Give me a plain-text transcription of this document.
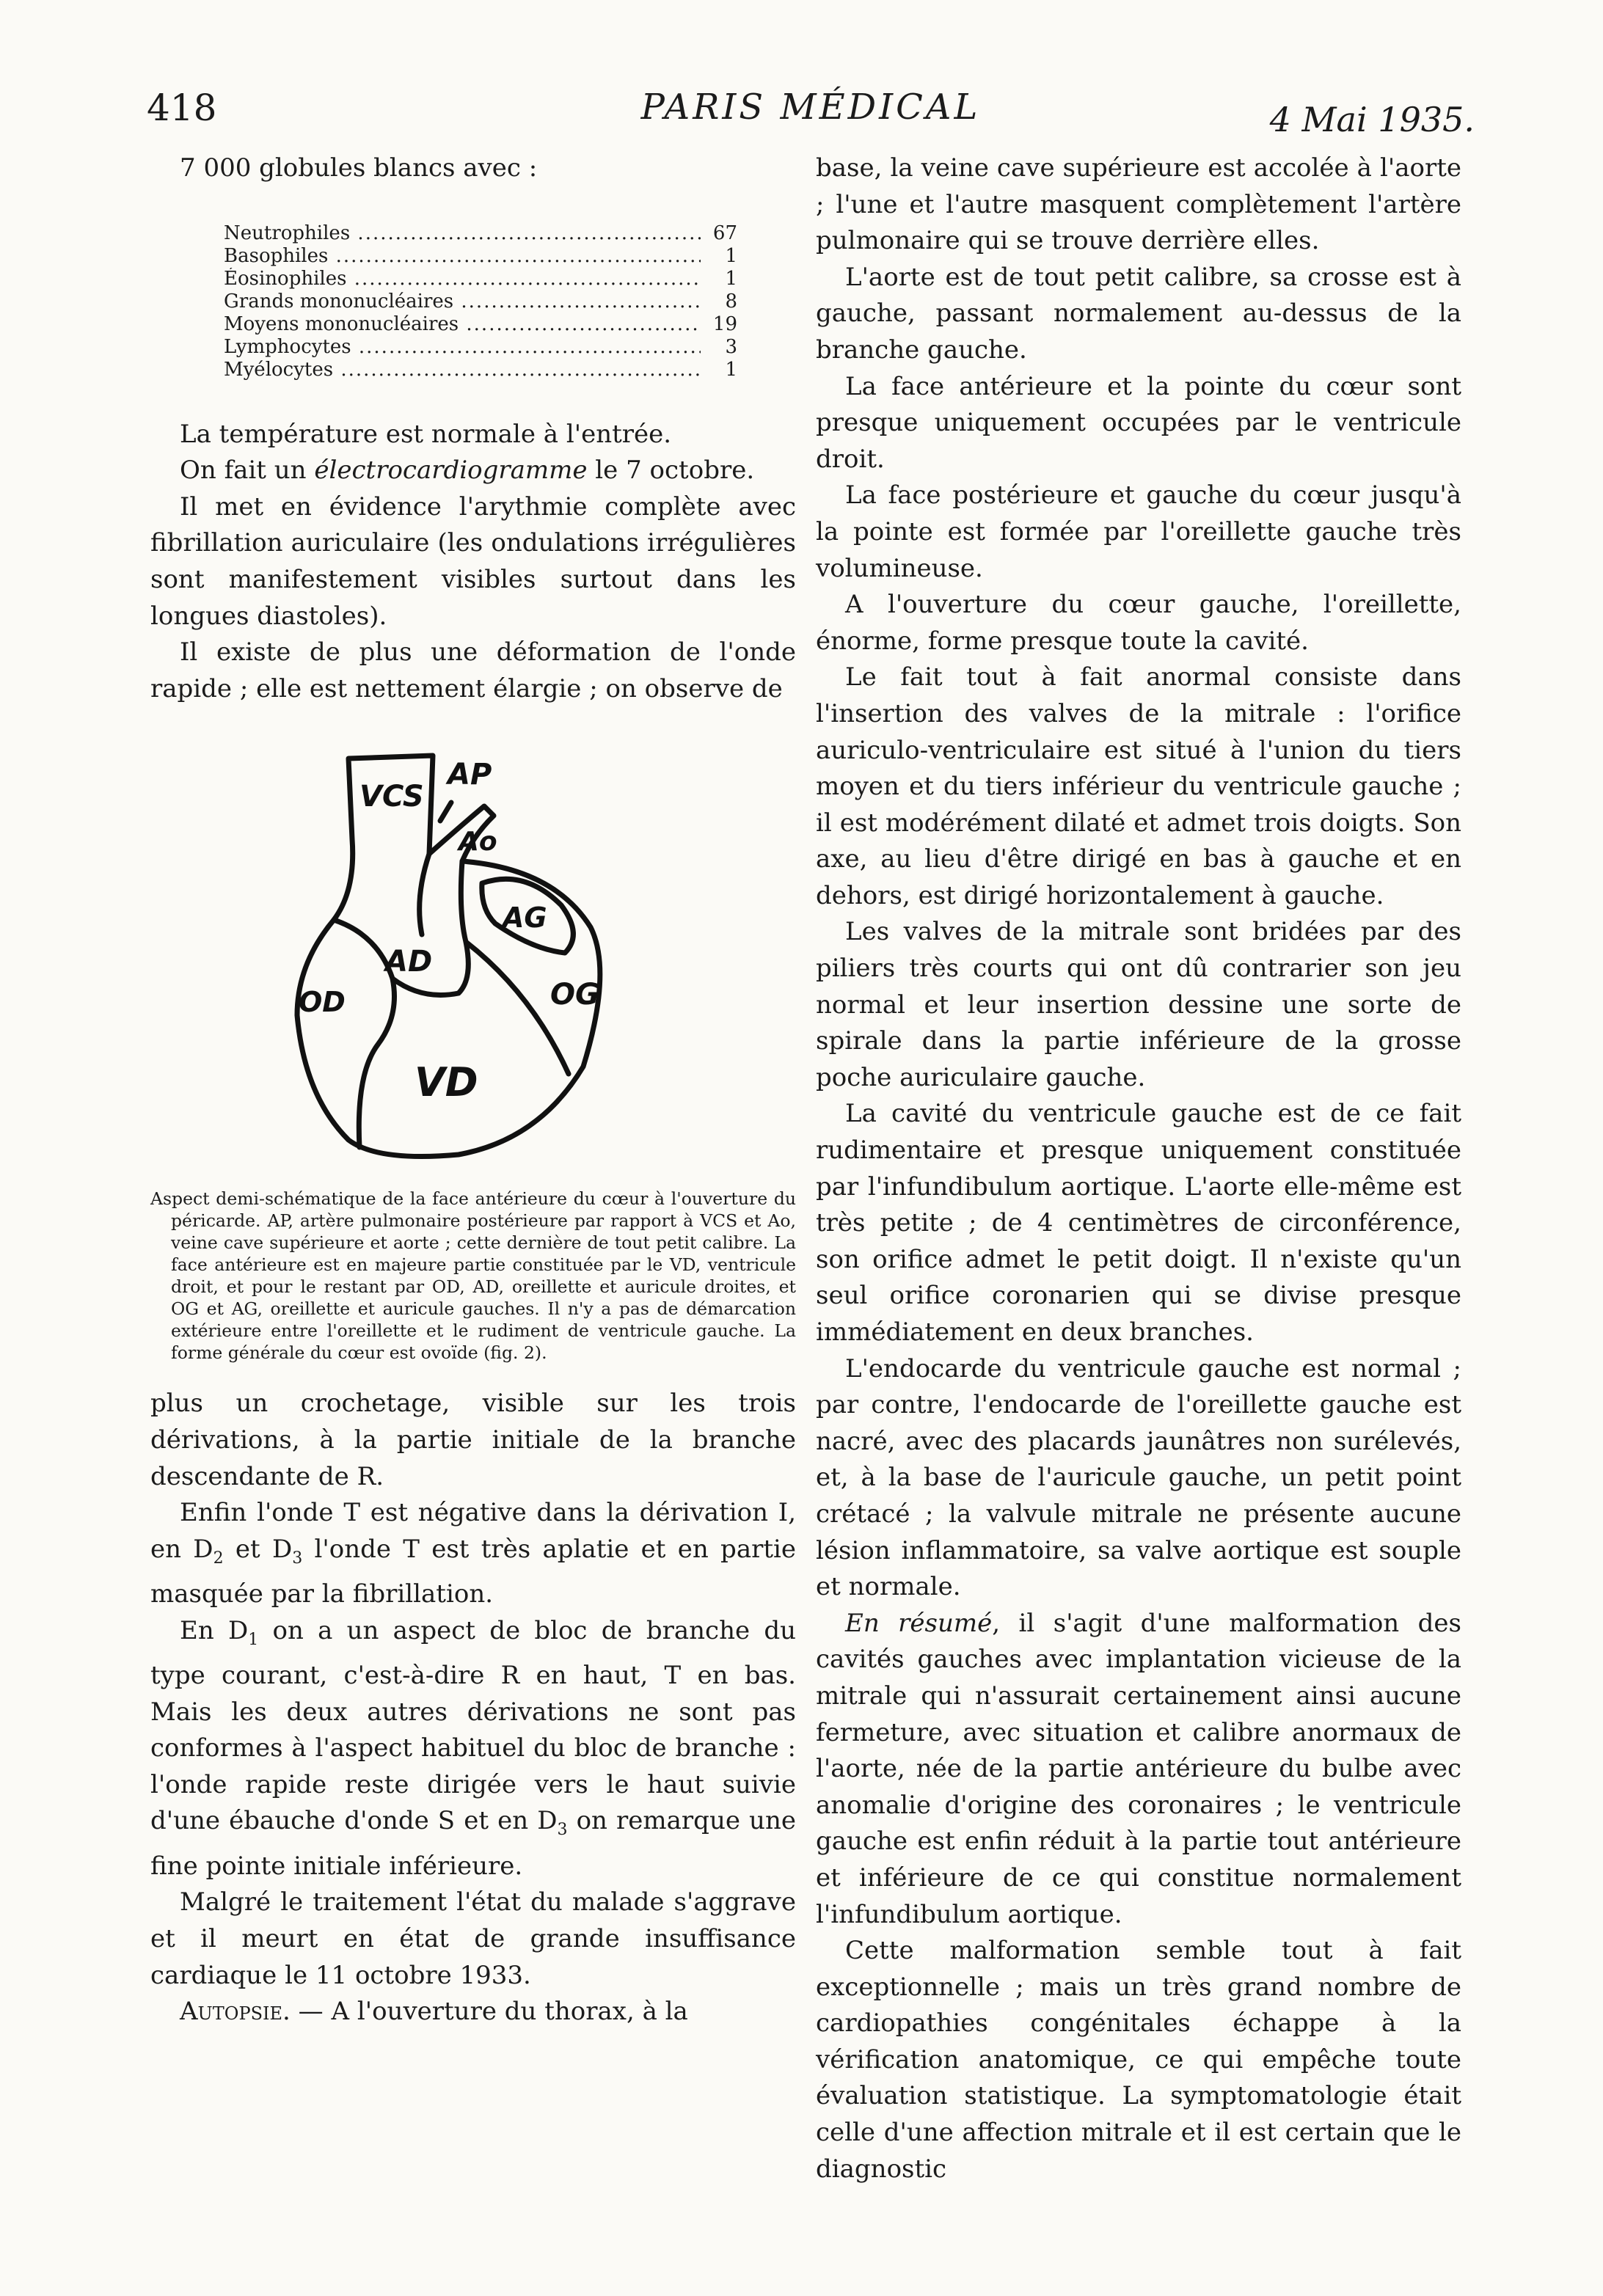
418	PARIS MÉDICAL	4 Mai 1935.

7 000 globules blancs avec :

Neutrophiles .....	67
Basophiles .....	1
Éosinophiles .....	1
Grands mononucléaires .....	8
Moyens mononucléaires .....	19
Lymphocytes .....	3
Myélocytes .....	1

La température est normale à l'entrée.

On fait un électrocardiogramme le 7 octobre.

Il met en évidence l'arythmie complète avec fibrillation auriculaire (les ondulations irrégulières sont manifestement visibles surtout dans les longues diastoles).

Il existe de plus une déformation de l'onde rapide ; elle est nettement élargie ; on observe de

VCS
AP
Ao
AG
AD
OG
OD
VD
Aspect demi-schématique de la face antérieure du cœur à l'ouverture du péricarde. AP, artère pulmonaire postérieure par rapport à VCS et Ao, veine cave supérieure et aorte ; cette dernière de tout petit calibre. La face antérieure est en majeure partie constituée par le VD, ventricule droit, et pour le restant par OD, AD, oreillette et auricule droites, et OG et AG, oreillette et auricule gauches. Il n'y a pas de démarcation extérieure entre l'oreillette et le rudiment de ventricule gauche. La forme générale du cœur est ovoïde (fig. 2).

plus un crochetage, visible sur les trois dérivations, à la partie initiale de la branche descendante de R.

Enfin l'onde T est négative dans la dérivation I, en $D_2$ et $D_3$ l'onde T est très aplatie et en partie masquée par la fibrillation.

En $D_1$ on a un aspect de bloc de branche du type courant, c'est-à-dire R en haut, T en bas. Mais les deux autres dérivations ne sont pas conformes à l'aspect habituel du bloc de branche : l'onde rapide reste dirigée vers le haut suivie d'une ébauche d'onde S et en $D_3$ on remarque une fine pointe initiale inférieure.

Malgré le traitement l'état du malade s'aggrave et il meurt en état de grande insuffisance cardiaque le 11 octobre 1933.

Autopsie. — A l'ouverture du thorax, à la

base, la veine cave supérieure est accolée à l'aorte ; l'une et l'autre masquent complètement l'artère pulmonaire qui se trouve derrière elles.

L'aorte est de tout petit calibre, sa crosse est à gauche, passant normalement au-dessus de la branche gauche.

La face antérieure et la pointe du cœur sont presque uniquement occupées par le ventricule droit.

La face postérieure et gauche du cœur jusqu'à la pointe est formée par l'oreillette gauche très volumineuse.

A l'ouverture du cœur gauche, l'oreillette, énorme, forme presque toute la cavité.

Le fait tout à fait anormal consiste dans l'insertion des valves de la mitrale : l'orifice auriculo-ventriculaire est situé à l'union du tiers moyen et du tiers inférieur du ventricule gauche ; il est modérément dilaté et admet trois doigts. Son axe, au lieu d'être dirigé en bas à gauche et en dehors, est dirigé horizontalement à gauche.

Les valves de la mitrale sont bridées par des piliers très courts qui ont dû contrarier son jeu normal et leur insertion dessine une sorte de spirale dans la partie inférieure de la grosse poche auriculaire gauche.

La cavité du ventricule gauche est de ce fait rudimentaire et presque uniquement constituée par l'infundibulum aortique. L'aorte elle-même est très petite ; de 4 centimètres de circonférence, son orifice admet le petit doigt. Il n'existe qu'un seul orifice coronarien qui se divise presque immédiatement en deux branches.

L'endocarde du ventricule gauche est normal ; par contre, l'endocarde de l'oreillette gauche est nacré, avec des placards jaunâtres non surélevés, et, à la base de l'auricule gauche, un petit point crétacé ; la valvule mitrale ne présente aucune lésion inflammatoire, sa valve aortique est souple et normale.

En résumé, il s'agit d'une malformation des cavités gauches avec implantation vicieuse de la mitrale qui n'assurait certainement ainsi aucune fermeture, avec situation et calibre anormaux de l'aorte, née de la partie antérieure du bulbe avec anomalie d'origine des coronaires ; le ventricule gauche est enfin réduit à la partie tout antérieure et inférieure de ce qui constitue normalement l'infundibulum aortique.

Cette malformation semble tout à fait exceptionnelle ; mais un très grand nombre de cardiopathies congénitales échappe à la vérification anatomique, ce qui empêche toute évaluation statistique. La symptomatologie était celle d'une affection mitrale et il est certain que le diagnostic
